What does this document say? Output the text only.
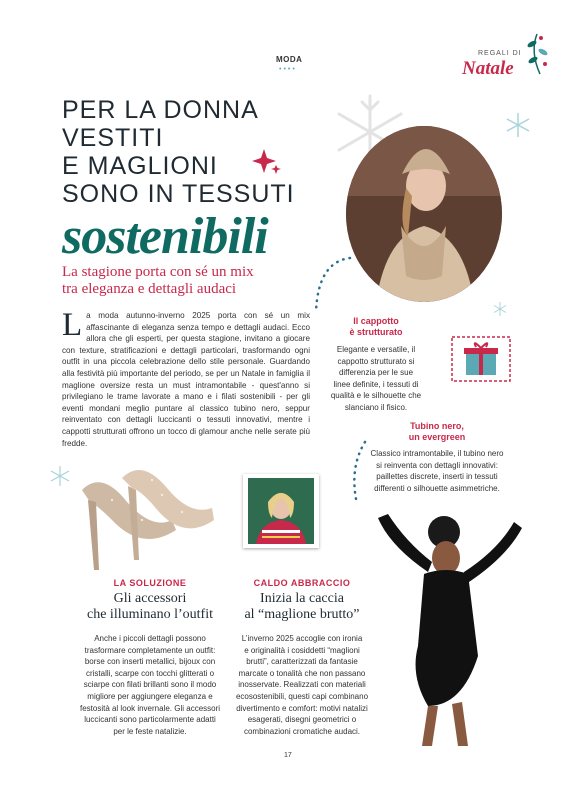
MODA
••••
REGALI DI
Natale
PER LA DONNA
VESTITI
E MAGLIONI
SONO IN TESSUTI
sostenibili
La stagione porta con sé un mix
tra eleganza e dettagli audaci
La moda autunno-inverno 2025 porta con sé un mix affascinante di eleganza senza tempo e dettagli audaci. Ecco allora che gli esperti, per questa stagione, invitano a giocare con texture, stratificazioni e dettagli particolari, trasformando ogni outfit in una piccola celebrazione dello stile personale. Guardando alla festività più importante del periodo, se per un Natale in famiglia il maglione oversize resta un must intramontabile - quest'anno si privilegiano le trame lavorate a mano e i filati sostenibili - per gli eventi mondani meglio puntare al classico tubino nero, seppur reinventato con dettagli luccicanti o tessuti innovativi, mentre i cappotti strutturati offrono un tocco di glamour anche nelle serate più fredde.
Il cappotto
è strutturato
Elegante e versatile, il
cappotto strutturato si
differenzia per le sue
linee definite, i tessuti di
qualità e le silhouette che
slanciano il fisico.
Tubino nero,
un evergreen
Classico intramontabile, il tubino nero
si reinventa con dettagli innovativi:
paillettes discrete, inserti in tessuti
differenti o silhouette asimmetriche.
LA SOLUZIONE
Gli accessori
che illuminano l’outfit
Anche i piccoli dettagli possono
trasformare completamente un outfit:
borse con inserti metallici, bijoux con
cristalli, scarpe con tocchi glitterati o
sciarpe con filati brillanti sono il modo
migliore per aggiungere eleganza e
festosità al look invernale. Gli accessori
luccicanti sono particolarmente adatti
per le feste natalizie.
CALDO ABBRACCIO
Inizia la caccia
al “maglione brutto”
L’inverno 2025 accoglie con ironia
e originalità i cosiddetti “maglioni
brutti”, caratterizzati da fantasie
marcate o tonalità che non passano
inosservate. Realizzati con materiali
ecosostenibili, questi capi combinano
divertimento e comfort: motivi natalizi
esagerati, disegni geometrici o
combinazioni cromatiche audaci.
17
